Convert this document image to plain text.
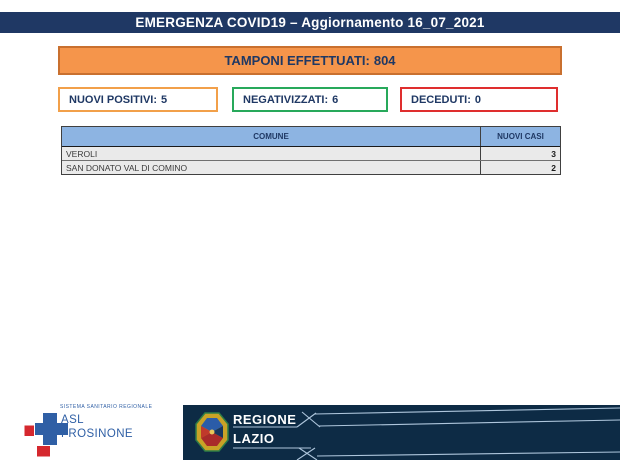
EMERGENZA COVID19 – Aggiornamento 16_07_2021
TAMPONI EFFETTUATI: 804
NUOVI POSITIVI: 5	NEGATIVIZZATI: 6	DECEDUTI: 0
COMUNE	NUOVI CASI
VEROLI	3
SAN DONATO VAL DI COMINO	2
SISTEMA SANITARIO REGIONALE
ASL
FROSINONE
REGIONE
LAZIO
